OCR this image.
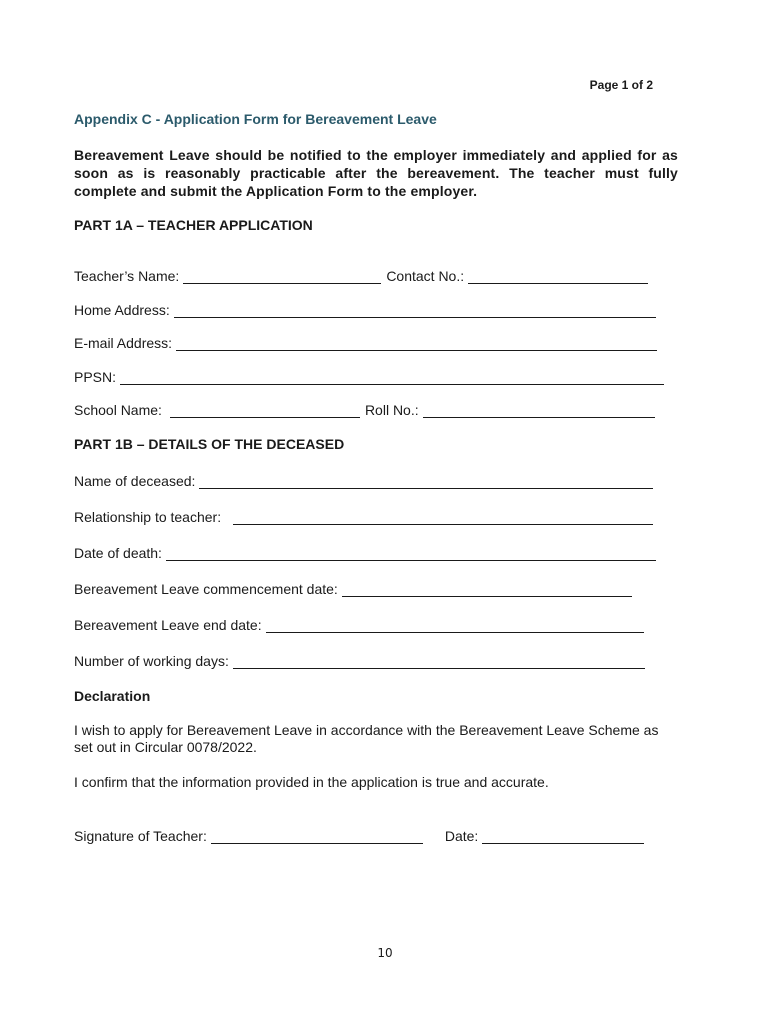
Page 1 of 2
Appendix C - Application Form for Bereavement Leave
Bereavement Leave should be notified to the employer immediately and applied for as soon as is reasonably practicable after the bereavement. The teacher must fully complete and submit the Application Form to the employer.
PART 1A – TEACHER APPLICATION
Teacher’s Name:	Contact No.:
Home Address:
E-mail Address:
PPSN:
School Name:	Roll No.:
PART 1B – DETAILS OF THE DECEASED
Name of deceased:
Relationship to teacher:
Date of death:
Bereavement Leave commencement date:
Bereavement Leave end date:
Number of working days:
Declaration
I wish to apply for Bereavement Leave in accordance with the Bereavement Leave Scheme as set out in Circular 0078/2022.
I confirm that the information provided in the application is true and accurate.
Signature of Teacher:	Date:
10
